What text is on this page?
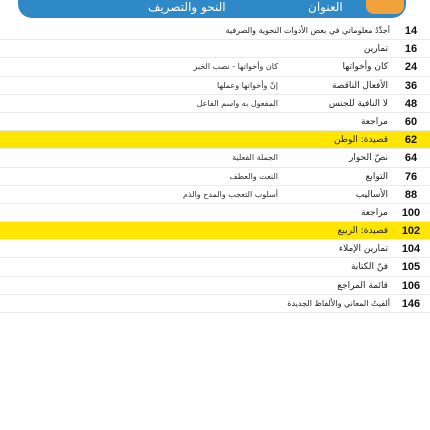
النحو والتصريف	العنوان
14
أجدِّدُ معلوماتي في بعض الأدوات النحوية والصرفية
16
تمارين
24
كان وأخواتها
كان وأخواتها - نصب الخبر
36
الأفعال الناقصة
إنّ وأخواتها وعملها
48
لا النافية للجنس
المفعول به واسم الفاعل
60
مراجعة
62
قصيدة: الوطن
64
نصّ الحوار
الجملة الفعلية
76
التوابع
النعت والعطف
88
الأساليب
أسلوب التعجب والمدح والذم
100
مراجعة
102
قصيدة: الربيع
104
تمارين الإملاء
105
فنّ الكتابة
106
قائمة المراجع
146
ألفيتُ المعاني والألفاظ الجديدة
